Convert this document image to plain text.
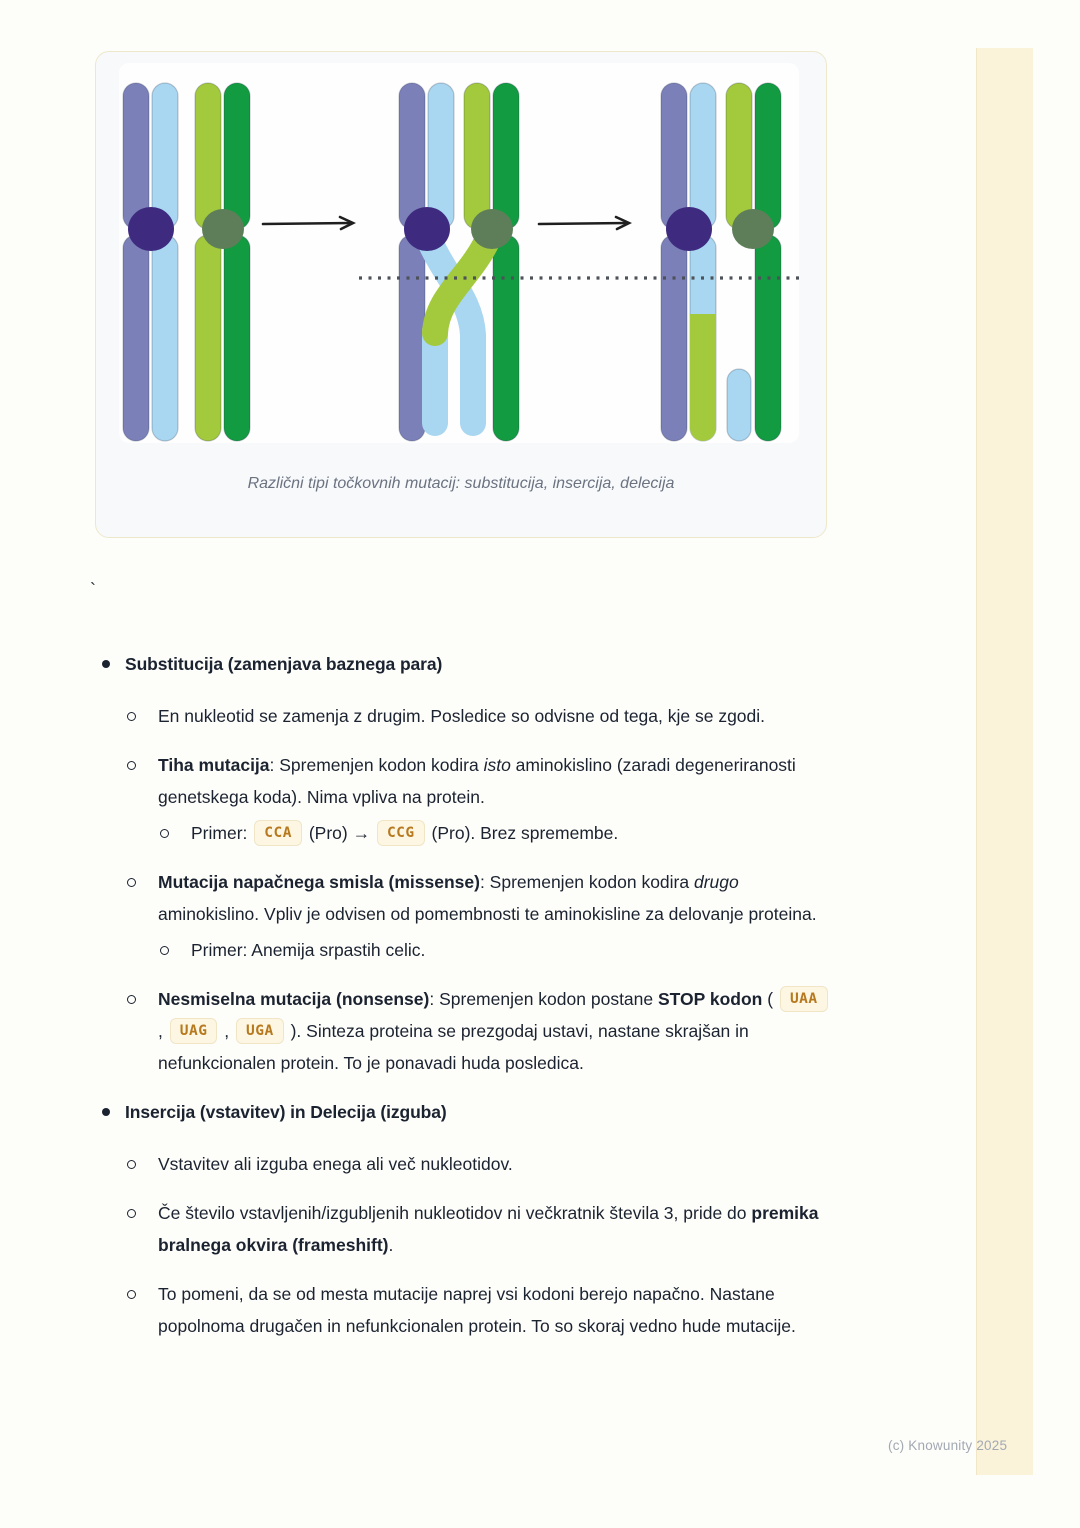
Različni tipi točkovnih mutacij: substitucija, insercija, delecija
`
Substitucija (zamenjava baznega para)
En nukleotid se zamenja z drugim. Posledice so odvisne od tega, kje se zgodi.
Tiha mutacija: Spremenjen kodon kodira isto aminokislino (zaradi degeneriranosti genetskega koda). Nima vpliva na protein.
Primer: CCA (Pro) → CCG (Pro). Brez spremembe.
Mutacija napačnega smisla (missense): Spremenjen kodon kodira drugo aminokislino. Vpliv je odvisen od pomembnosti te aminokisline za delovanje proteina.
Primer: Anemija srpastih celic.
Nesmiselna mutacija (nonsense): Spremenjen kodon postane STOP kodon ( UAA , UAG , UGA ). Sinteza proteina se prezgodaj ustavi, nastane skrajšan in nefunkcionalen protein. To je ponavadi huda posledica.
Insercija (vstavitev) in Delecija (izguba)
Vstavitev ali izguba enega ali več nukleotidov.
Če število vstavljenih/izgubljenih nukleotidov ni večkratnik števila 3, pride do premika bralnega okvira (frameshift).
To pomeni, da se od mesta mutacije naprej vsi kodoni berejo napačno. Nastane popolnoma drugačen in nefunkcionalen protein. To so skoraj vedno hude mutacije.
(c) Knowunity 2025
